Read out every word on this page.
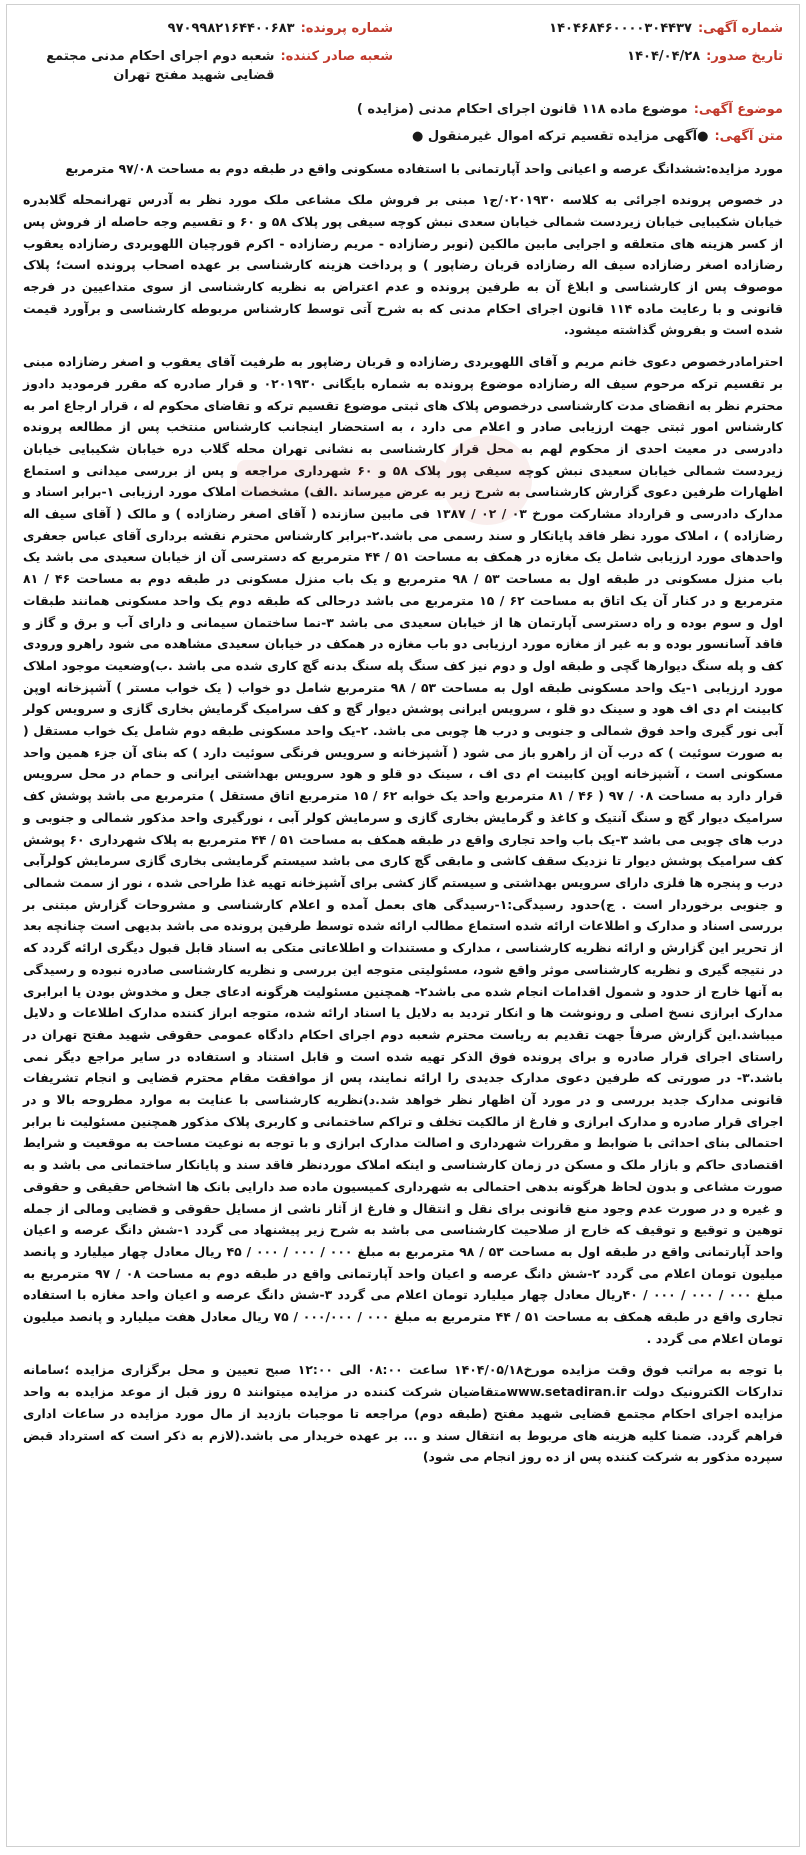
شماره آگهی:
۱۴۰۴۶۸۴۶۰۰۰۰۳۰۴۴۳۷
شماره پرونده:
۹۷۰۹۹۸۲۱۶۴۴۰۰۶۸۳
تاریخ صدور:
۱۴۰۴/۰۴/۲۸
شعبه صادر کننده:
شعبه دوم اجرای احکام مدنی مجتمع قضایی شهید مفتح تهران
موضوع آگهی:
موضوع ماده ۱۱۸ قانون اجرای احکام مدنی (مزایده )
متن آگهی:
●آگهی مزایده تقسیم ترکه اموال غیرمنقول ●

مورد مزایده:ششدانگ عرصه و اعیانی واحد آپارتمانی با استفاده مسکونی واقع در طبقه دوم به مساحت ۹۷/۰۸ مترمربع

در خصوص پرونده اجرائی به کلاسه ۰۲۰۱۹۳۰/ج۱ مبنی بر فروش ملک مشاعی ملک مورد نظر به آدرس تهرانمحله گلابدره خیابان شکیبایی خیابان زیردست شمالی خیابان سعدی نبش کوچه سیفی پور پلاک ۵۸ و ۶۰ و تقسیم وجه حاصله از فروش پس از کسر هزینه های متعلقه و اجرایی مابین مالکین (نوبر رضازاده - مریم رضازاده - اکرم قورچیان اللهویردی رضازاده یعقوب رضازاده اصغر رضازاده سیف اله رضازاده قربان رضاپور ) و پرداخت هزینه کارشناسی بر عهده اصحاب پرونده است؛ پلاک موصوف پس از کارشناسی و ابلاغ آن به طرفین پرونده و عدم اعتراض به نظریه کارشناسی از سوی متداعیین در فرجه قانونی و با رعایت ماده ۱۱۴ قانون اجرای احکام مدنی که به شرح آتی توسط کارشناس مربوطه کارشناسی و برآورد قیمت شده است و بفروش گذاشته میشود.

احترامادرخصوص دعوی خانم مریم و آقای اللهویردی رضازاده و قربان رضاپور به طرفیت آقای یعقوب و اصغر رضازاده مبنی بر تقسیم ترکه مرحوم سیف اله رضازاده موضوع پرونده به شماره بایگانی ۰۲۰۱۹۳۰ و قرار صادره که مقرر فرمودید دادوز محترم نظر به انقضای مدت کارشناسی درخصوص پلاک های ثبتی موضوع تقسیم ترکه و تقاضای محکوم له ، قرار ارجاع امر به کارشناس امور ثبتی جهت ارزیابی صادر و اعلام می دارد ، به استحضار اینجانب کارشناس منتخب پس از مطالعه پرونده دادرسی در معیت احدی از محکوم لهم به محل قرار کارشناسی به نشانی تهران محله گلاب دره خیابان شکیبایی خیابان زیردست شمالی خیابان سعیدی نبش کوچه سیفی پور پلاک ۵۸ و ۶۰ شهرداری مراجعه و پس از بررسی میدانی و استماع اظهارات طرفین دعوی گزارش کارشناسی به شرح زیر به عرض میرساند .الف) مشخصات املاک مورد ارزیابی ۱-برابر اسناد و مدارک دادرسی و قرارداد مشارکت مورخ ۰۳ / ۰۲ / ۱۳۸۷ فی مابین سازنده ( آقای اصغر رضازاده ) و مالک ( آقای سیف اله رضازاده ) ، املاک مورد نظر فاقد پایانکار و سند رسمی می باشد.۲-برابر کارشناس محترم نقشه برداری آقای عباس جعفری واحدهای مورد ارزیابی شامل یک مغازه در همکف به مساحت ۵۱ / ۴۴ مترمربع که دسترسی آن از خیابان سعیدی می باشد یک باب منزل مسکونی در طبقه اول به مساحت ۵۳ / ۹۸ مترمربع و یک باب منزل مسکونی در طبقه دوم به مساحت ۴۶ / ۸۱ مترمربع و در کنار آن یک اتاق به مساحت ۶۲ / ۱۵ مترمربع می باشد درحالی که طبقه دوم یک واحد مسکونی همانند طبقات اول و سوم بوده و راه دسترسی آپارتمان ها از خیابان سعیدی می باشد ۳-نما ساختمان سیمانی و دارای آب و برق و گاز و فاقد آسانسور بوده و به غیر از مغازه مورد ارزیابی دو باب مغازه در همکف در خیابان سعیدی مشاهده می شود راهرو ورودی کف و پله سنگ دیوارها گچی و طبقه اول و دوم نیز کف سنگ پله سنگ بدنه گچ کاری شده می باشد .ب)وضعیت موجود املاک مورد ارزیابی ۱-یک واحد مسکونی طبقه اول به مساحت ۵۳ / ۹۸ مترمربع شامل دو خواب ( یک خواب مستر ) آشپزخانه اوپن کابینت ام دی اف هود و سینک دو قلو ، سرویس ایرانی پوشش دیوار گچ و کف سرامیک گرمایش بخاری گازی و سرویس کولر آبی نور گیری واحد فوق شمالی و جنوبی و درب ها چوبی می باشد. ۲-یک واحد مسکونی طبقه دوم شامل یک خواب مستقل ( به صورت سوئیت ) که درب آن از راهرو باز می شود ( آشپزخانه و سرویس فرنگی سوئیت دارد ) که بنای آن جزء همین واحد مسکونی است ، آشپزخانه اوپن کابینت ام دی اف ، سینک دو قلو و هود سرویس بهداشتی ایرانی و حمام در محل سرویس قرار دارد به مساحت ۰۸ / ۹۷ ( ۴۶ / ۸۱ مترمربع واحد یک خوابه ۶۲ / ۱۵ مترمربع اتاق مستقل ) مترمربع می باشد پوشش کف سرامیک دیوار گچ و سنگ آنتیک و کاغذ و گرمایش بخاری گازی و سرمایش کولر آبی ، نورگیری واحد مذکور شمالی و جنوبی و درب های چوبی می باشد ۳-یک باب واحد تجاری واقع در طبقه همکف به مساحت ۵۱ / ۴۴ مترمربع به پلاک شهرداری ۶۰ پوشش کف سرامیک پوشش دیوار تا نزدیک سقف کاشی و مابقی گچ کاری می باشد سیستم گرمایشی بخاری گازی سرمایش کولرآبی درب و پنجره ها فلزی دارای سرویس بهداشتی و سیستم گاز کشی برای آشپزخانه تهیه غذا طراحی شده ، نور از سمت شمالی و جنوبی برخوردار است . ج)حدود رسیدگی:۱-رسیدگی های بعمل آمده و اعلام کارشناسی و مشروحات گزارش مبتنی بر بررسی اسناد و مدارک و اطلاعات ارائه شده استماع مطالب ارائه شده توسط طرفین پرونده می باشد بدیهی است چنانچه بعد از تحریر این گزارش و ارائه نظریه کارشناسی ، مدارک و مستندات و اطلاعاتی متکی به اسناد قابل قبول دیگری ارائه گردد که در نتیجه گیری و نظریه کارشناسی موثر واقع شود، مسئولیتی متوجه این بررسی و نظریه کارشناسی صادره نبوده و رسیدگی به آنها خارج از حدود و شمول اقدامات انجام شده می باشد۲- همچنین مسئولیت هرگونه ادعای جعل و مخدوش بودن یا ابرابری مدارک ابرازی نسخ اصلی و رونوشت ها و انکار تردید به دلایل یا اسناد ارائه شده، متوجه ابراز کننده مدارک اطلاعات و دلایل میباشد.این گزارش صرفاً جهت تقدیم به ریاست محترم شعبه دوم اجرای احکام دادگاه عمومی حقوقی شهید مفتح تهران در راستای اجرای قرار صادره و برای پرونده فوق الذکر تهیه شده است و قابل استناد و استفاده در سایر مراجع دیگر نمی باشد.۳- در صورتی که طرفین دعوی مدارک جدیدی را ارائه نمایند، پس از موافقت مقام محترم قضایی و انجام تشریفات قانونی مدارک جدید بررسی و در مورد آن اظهار نظر خواهد شد.د)نظریه کارشناسی با عنایت به موارد مطروحه بالا و در اجرای قرار صادره و مدارک ابرازی و فارغ از مالکیت تخلف و تراکم ساختمانی و کاربری پلاک مذکور همچنین مسئولیت نا برابر احتمالی بنای احداثی با ضوابط و مقررات شهرداری و اصالت مدارک ابرازی و با توجه به نوعیت مساحت به موقعیت و شرایط اقتصادی حاکم و بازار ملک و مسکن در زمان کارشناسی و اینکه املاک موردنظر فاقد سند و پایانکار ساختمانی می باشد و به صورت مشاعی و بدون لحاظ هرگونه بدهی احتمالی به شهرداری کمیسیون ماده صد دارایی بانک ها اشخاص حقیقی و حقوقی و غیره و در صورت عدم وجود منع قانونی برای نقل و انتقال و فارغ از آثار ناشی از مسایل حقوقی و قضایی ومالی از جمله توهین و توقیع و توقیف که خارج از صلاحیت کارشناسی می باشد به شرح زیر پیشنهاد می گردد ۱-شش دانگ عرصه و اعیان واحد آپارتمانی واقع در طبقه اول به مساحت ۵۳ / ۹۸ مترمربع به مبلغ ۰۰۰ / ۰۰۰ / ۰۰۰ / ۴۵ ریال معادل چهار میلیارد و پانصد میلیون تومان اعلام می گردد ۲-شش دانگ عرصه و اعیان واحد آپارتمانی واقع در طبقه دوم به مساحت ۰۸ / ۹۷ مترمربع به مبلغ ۰۰۰ / ۰۰۰ / ۰۰۰ / ۴۰ریال معادل چهار میلیارد تومان اعلام می گردد ۳-شش دانگ عرصه و اعیان واحد مغازه با استفاده تجاری واقع در طبقه همکف به مساحت ۵۱ / ۴۴ مترمربع به مبلغ ۰۰۰ / ۰۰۰/۰۰۰ / ۷۵ ریال معادل هفت میلیارد و پانصد میلیون تومان اعلام می گردد .

با توجه به مراتب فوق وقت مزایده مورخ۱۴۰۴/۰۵/۱۸ ساعت ۰۸:۰۰ الی ۱۲:۰۰ صبح تعیین و محل برگزاری مزایده ؛سامانه تدارکات الکترونیک دولت www.setadiran.irمتقاضیان شرکت کننده در مزایده میتوانند ۵ روز قبل از موعد مزایده به واحد مزایده اجرای احکام مجتمع قضایی شهید مفتح (طبقه دوم) مراجعه تا موجبات بازدید از مال مورد مزایده در ساعات اداری فراهم گردد. ضمنا کلیه هزینه های مربوط به انتقال سند و ... بر عهده خریدار می باشد.(لازم به ذکر است که استرداد قبض سپرده مذکور به شرکت کننده پس از ده روز انجام می شود)
